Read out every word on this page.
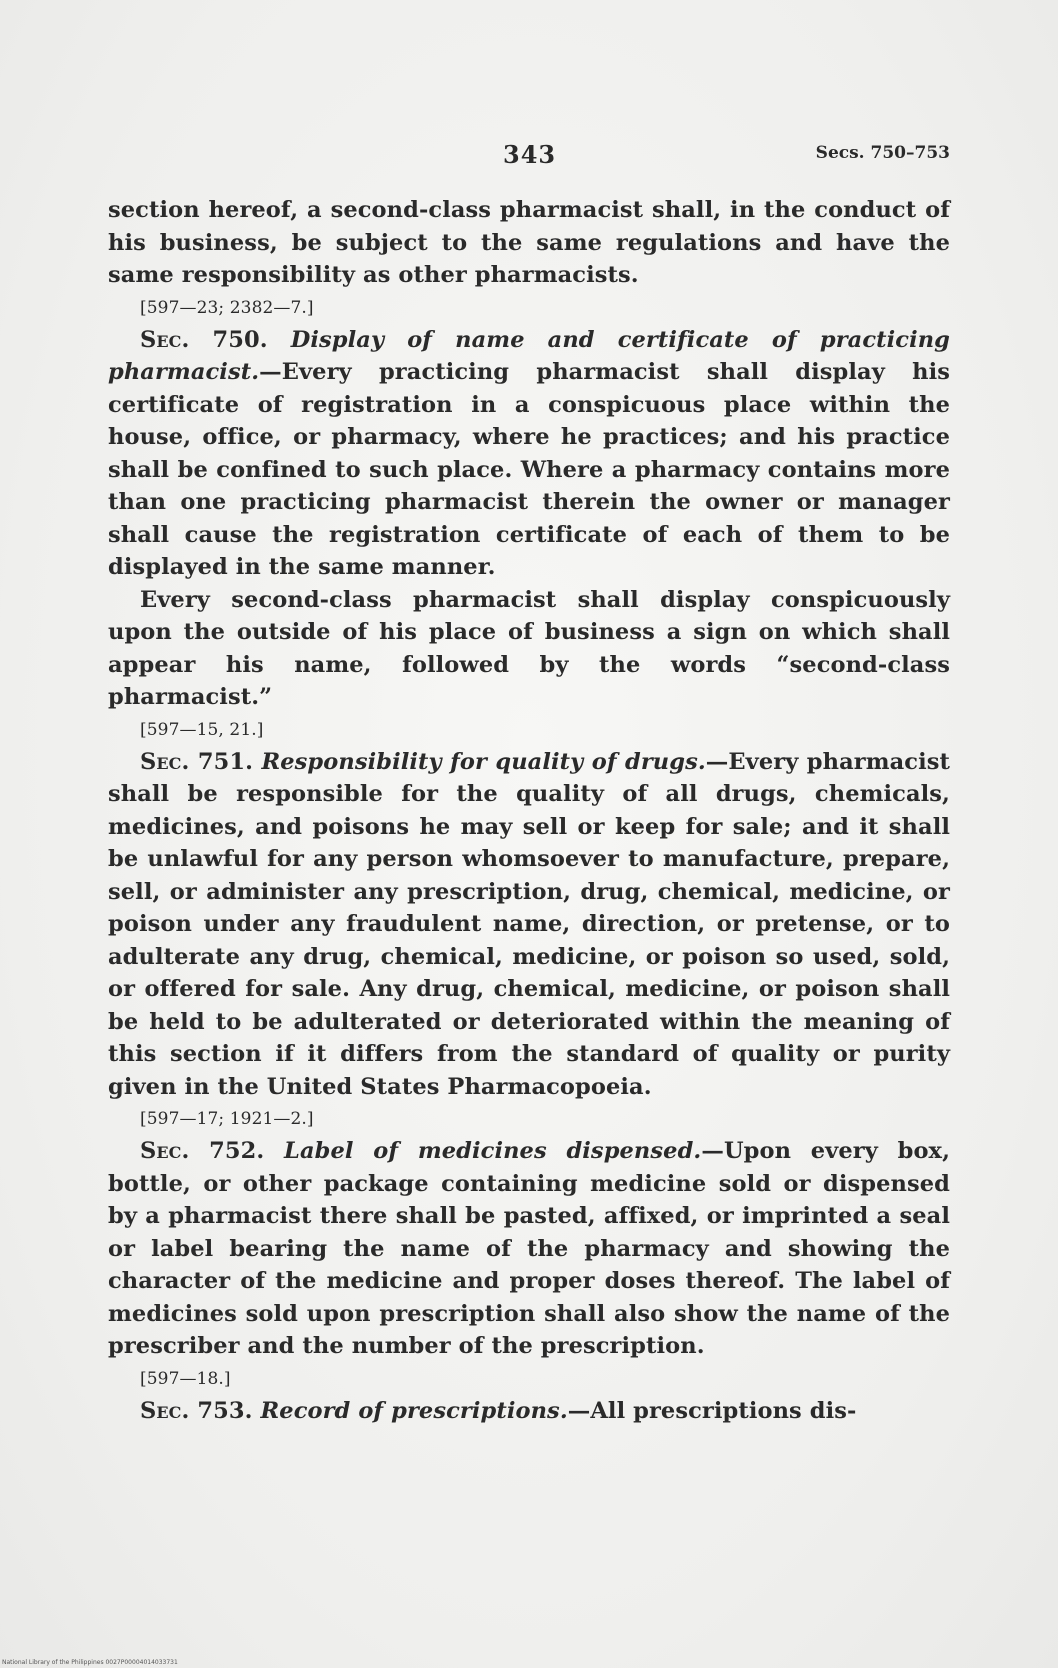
343	Secs. 750–753

section hereof, a second-class pharmacist shall, in the conduct of his business, be subject to the same regulations and have the same responsibility as other pharmacists.

[597—23; 2382—7.]

Sec. 750. Display of name and certificate of practicing pharmacist.—Every practicing pharmacist shall display his certificate of registration in a conspicuous place within the house, office, or pharmacy, where he practices; and his practice shall be confined to such place. Where a pharmacy contains more than one practicing pharmacist therein the owner or manager shall cause the registration certificate of each of them to be displayed in the same manner.

Every second-class pharmacist shall display conspicuously upon the outside of his place of business a sign on which shall appear his name, followed by the words “second-class pharmacist.”

[597—15, 21.]

Sec. 751. Responsibility for quality of drugs.—Every pharmacist shall be responsible for the quality of all drugs, chemicals, medicines, and poisons he may sell or keep for sale; and it shall be unlawful for any person whomsoever to manufacture, prepare, sell, or administer any prescription, drug, chemical, medicine, or poison under any fraudulent name, direction, or pretense, or to adulterate any drug, chemical, medicine, or poison so used, sold, or offered for sale. Any drug, chemical, medicine, or poison shall be held to be adulterated or deteriorated within the meaning of this section if it differs from the standard of quality or purity given in the United States Pharmacopoeia.

[597—17; 1921—2.]

Sec. 752. Label of medicines dispensed.—Upon every box, bottle, or other package containing medicine sold or dispensed by a pharmacist there shall be pasted, affixed, or imprinted a seal or label bearing the name of the pharmacy and showing the character of the medicine and proper doses thereof. The label of medicines sold upon prescription shall also show the name of the prescriber and the number of the prescription.

[597—18.]

Sec. 753. Record of prescriptions.—All prescriptions dis-

National Library of the Philippines 0027P00004014033731
